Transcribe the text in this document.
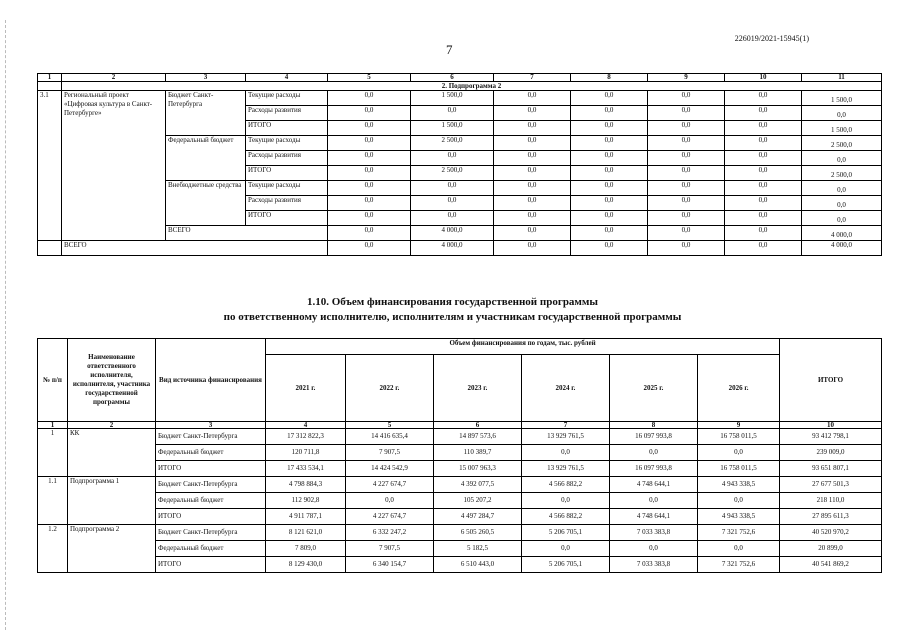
226019/2021-15945(1)
7
1	2	3	4	5	6	7	8	9	10	11
	2. Подпрограмма 2									
3.1	Региональный проект «Цифровая культура в Санкт-Петербурге»	Бюджет Санкт-Петербурга	Текущие расходы	0,0	1 500,0	0,0	0,0	0,0	0,0	1 500,0
			Расходы развития	0,0	0,0	0,0	0,0	0,0	0,0	0,0
			ИТОГО	0,0	1 500,0	0,0	0,0	0,0	0,0	1 500,0
		Федеральный бюджет	Текущие расходы	0,0	2 500,0	0,0	0,0	0,0	0,0	2 500,0
			Расходы развития	0,0	0,0	0,0	0,0	0,0	0,0	0,0
			ИТОГО	0,0	2 500,0	0,0	0,0	0,0	0,0	2 500,0
		Внебюджетные средства	Текущие расходы	0,0	0,0	0,0	0,0	0,0	0,0	0,0
			Расходы развития	0,0	0,0	0,0	0,0	0,0	0,0	0,0
			ИТОГО	0,0	0,0	0,0	0,0	0,0	0,0	0,0
		ВСЕГО		0,0	4 000,0	0,0	0,0	0,0	0,0	4 000,0
	ВСЕГО			0,0	4 000,0	0,0	0,0	0,0	0,0	4 000,0
1.10. Объем финансирования государственной программы
по ответственному исполнителю, исполнителям и участникам государственной программы
№ п/п	Наименование ответственного исполнителя, исполнителя, участника государственной программы	Вид источника финансирования	Объем финансирования по годам, тыс. рублей						ИТОГО
			2021 г.	2022 г.	2023 г.	2024 г.	2025 г.	2026 г.	
1	2	3	4	5	6	7	8	9	10
1	КК	Бюджет Санкт-Петербурга	17 312 822,3	14 416 635,4	14 897 573,6	13 929 761,5	16 097 993,8	16 758 011,5	93 412 798,1
		Федеральный бюджет	120 711,8	7 907,5	110 389,7	0,0	0,0	0,0	239 009,0
		ИТОГО	17 433 534,1	14 424 542,9	15 007 963,3	13 929 761,5	16 097 993,8	16 758 011,5	93 651 807,1
1.1	Подпрограмма 1	Бюджет Санкт-Петербурга	4 798 884,3	4 227 674,7	4 392 077,5	4 566 882,2	4 748 644,1	4 943 338,5	27 677 501,3
		Федеральный бюджет	112 902,8	0,0	105 207,2	0,0	0,0	0,0	218 110,0
		ИТОГО	4 911 787,1	4 227 674,7	4 497 284,7	4 566 882,2	4 748 644,1	4 943 338,5	27 895 611,3
1.2	Подпрограмма 2	Бюджет Санкт-Петербурга	8 121 621,0	6 332 247,2	6 505 260,5	5 206 705,1	7 033 383,8	7 321 752,6	40 520 970,2
		Федеральный бюджет	7 809,0	7 907,5	5 182,5	0,0	0,0	0,0	20 899,0
		ИТОГО	8 129 430,0	6 340 154,7	6 510 443,0	5 206 705,1	7 033 383,8	7 321 752,6	40 541 869,2
